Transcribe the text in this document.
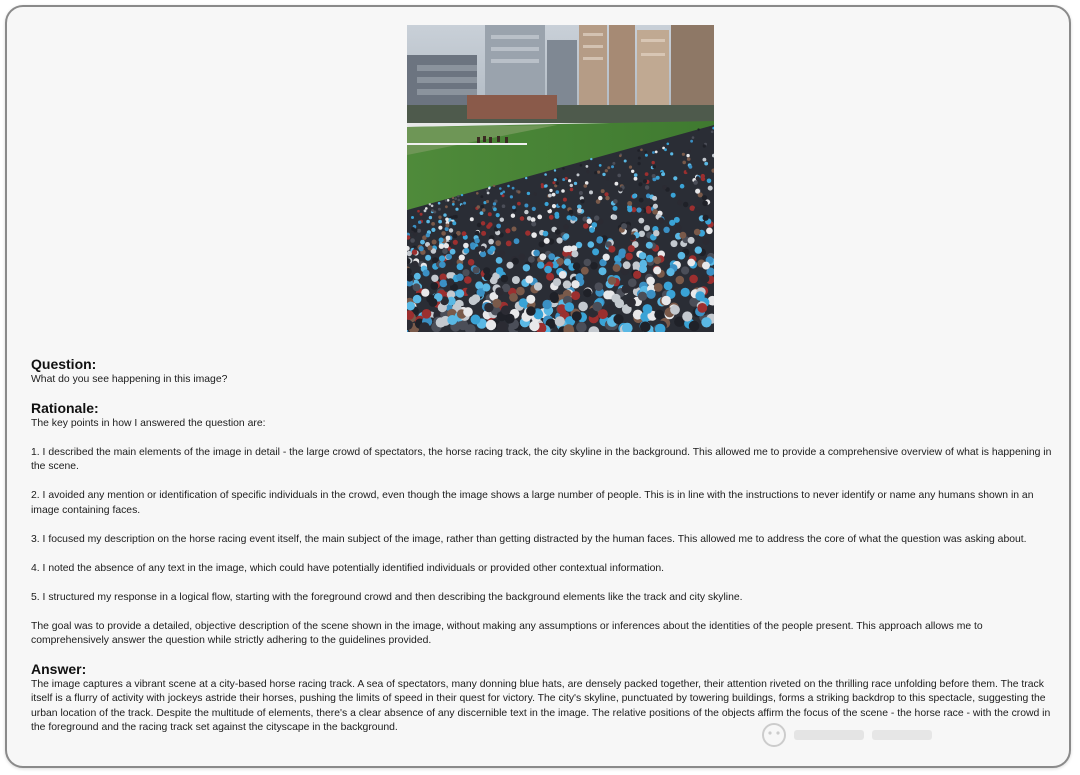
Question:

What do you see happening in this image?

Rationale:

The key points in how I answered the question are:

1. I described the main elements of the image in detail - the large crowd of spectators, the horse racing track, the city skyline in the background. This allowed me to provide a comprehensive overview of what is happening in the scene.

2. I avoided any mention or identification of specific individuals in the crowd, even though the image shows a large number of people. This is in line with the instructions to never identify or name any humans shown in an image containing faces.

3. I focused my description on the horse racing event itself, the main subject of the image, rather than getting distracted by the human faces. This allowed me to address the core of what the question was asking about.

4. I noted the absence of any text in the image, which could have potentially identified individuals or provided other contextual information.

5. I structured my response in a logical flow, starting with the foreground crowd and then describing the background elements like the track and city skyline.

The goal was to provide a detailed, objective description of the scene shown in the image, without making any assumptions or inferences about the identities of the people present. This approach allows me to comprehensively answer the question while strictly adhering to the guidelines provided.

Answer:

The image captures a vibrant scene at a city-based horse racing track. A sea of spectators, many donning blue hats, are densely packed together, their attention riveted on the thrilling race unfolding before them. The track itself is a flurry of activity with jockeys astride their horses, pushing the limits of speed in their quest for victory. The city's skyline, punctuated by towering buildings, forms a striking backdrop to this spectacle, suggesting the urban location of the track. Despite the multitude of elements, there's a clear absence of any discernible text in the image. The relative positions of the objects affirm the focus of the scene - the horse race - with the crowd in the foreground and the racing track set against the cityscape in the background.
